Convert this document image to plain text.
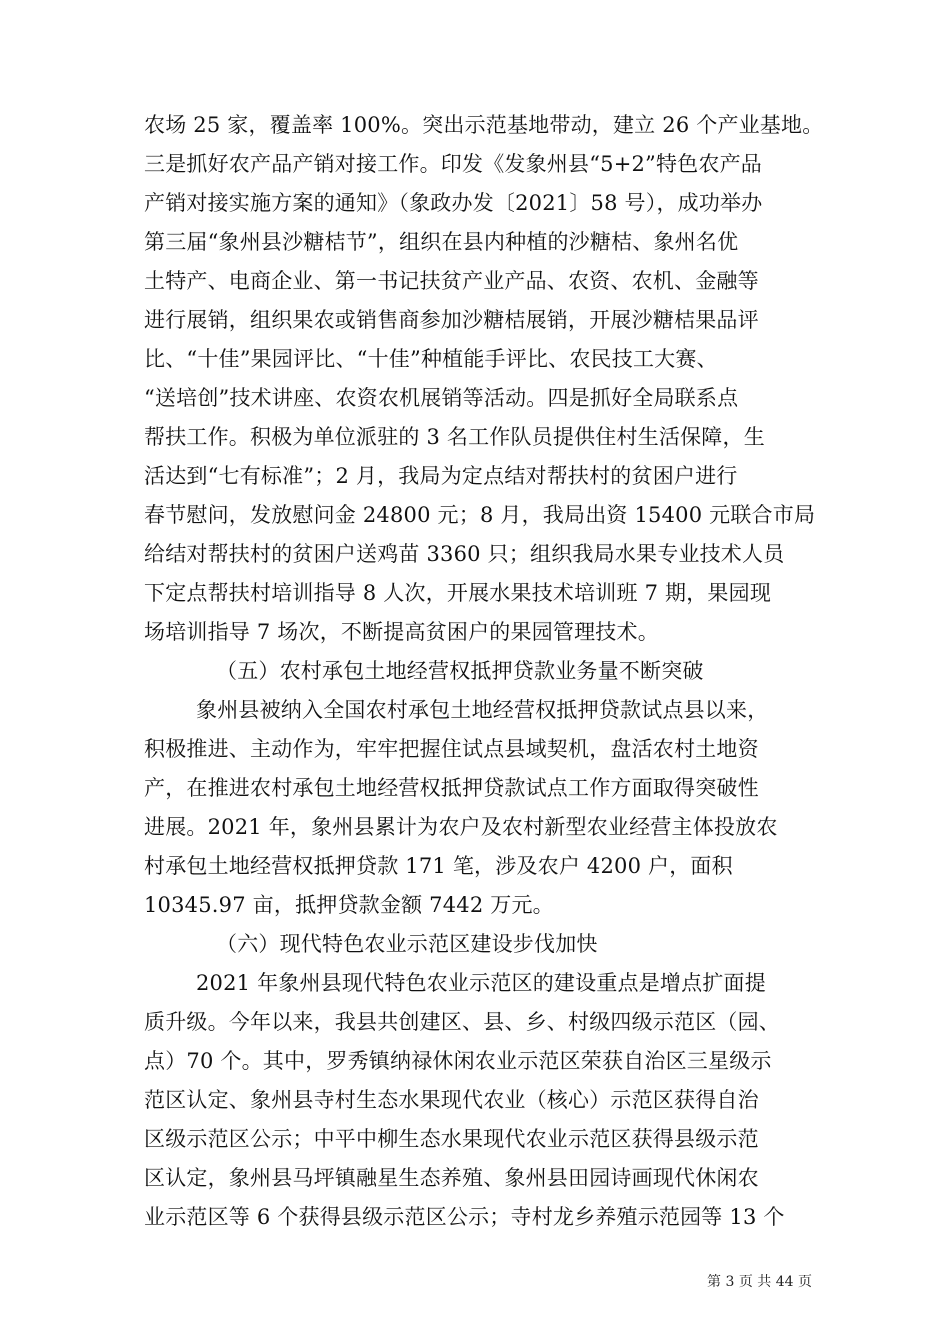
农场 25 家，覆盖率 100%。突出示范基地带动，建立 26 个产业基地。
三是抓好农产品产销对接工作。印发《发象州县“5+2”特色农产品
产销对接实施方案的通知》（象政办发〔2021〕58 号），成功举办
第三届“象州县沙糖桔节”，组织在县内种植的沙糖桔、象州名优
土特产、电商企业、第一书记扶贫产业产品、农资、农机、金融等
进行展销，组织果农或销售商参加沙糖桔展销，开展沙糖桔果品评
比、“十佳”果园评比、“十佳”种植能手评比、农民技工大赛、
“送培创”技术讲座、农资农机展销等活动。四是抓好全局联系点
帮扶工作。积极为单位派驻的 3 名工作队员提供住村生活保障，生
活达到“七有标准”；2 月，我局为定点结对帮扶村的贫困户进行
春节慰问，发放慰问金 24800 元；8 月，我局出资 15400 元联合市局
给结对帮扶村的贫困户送鸡苗 3360 只；组织我局水果专业技术人员
下定点帮扶村培训指导 8 人次，开展水果技术培训班 7 期，果园现
场培训指导 7 场次，不断提高贫困户的果园管理技术。
（五）农村承包土地经营权抵押贷款业务量不断突破
象州县被纳入全国农村承包土地经营权抵押贷款试点县以来，
积极推进、主动作为，牢牢把握住试点县域契机，盘活农村土地资
产，在推进农村承包土地经营权抵押贷款试点工作方面取得突破性
进展。2021 年，象州县累计为农户及农村新型农业经营主体投放农
村承包土地经营权抵押贷款 171 笔，涉及农户 4200 户，面积
10345.97 亩，抵押贷款金额 7442 万元。
（六）现代特色农业示范区建设步伐加快
2021 年象州县现代特色农业示范区的建设重点是增点扩面提
质升级。今年以来，我县共创建区、县、乡、村级四级示范区（园、
点）70 个。其中，罗秀镇纳禄休闲农业示范区荣获自治区三星级示
范区认定、象州县寺村生态水果现代农业（核心）示范区获得自治
区级示范区公示；中平中柳生态水果现代农业示范区获得县级示范
区认定，象州县马坪镇融星生态养殖、象州县田园诗画现代休闲农
业示范区等 6 个获得县级示范区公示；寺村龙乡养殖示范园等 13 个
第 3 页 共 44 页
